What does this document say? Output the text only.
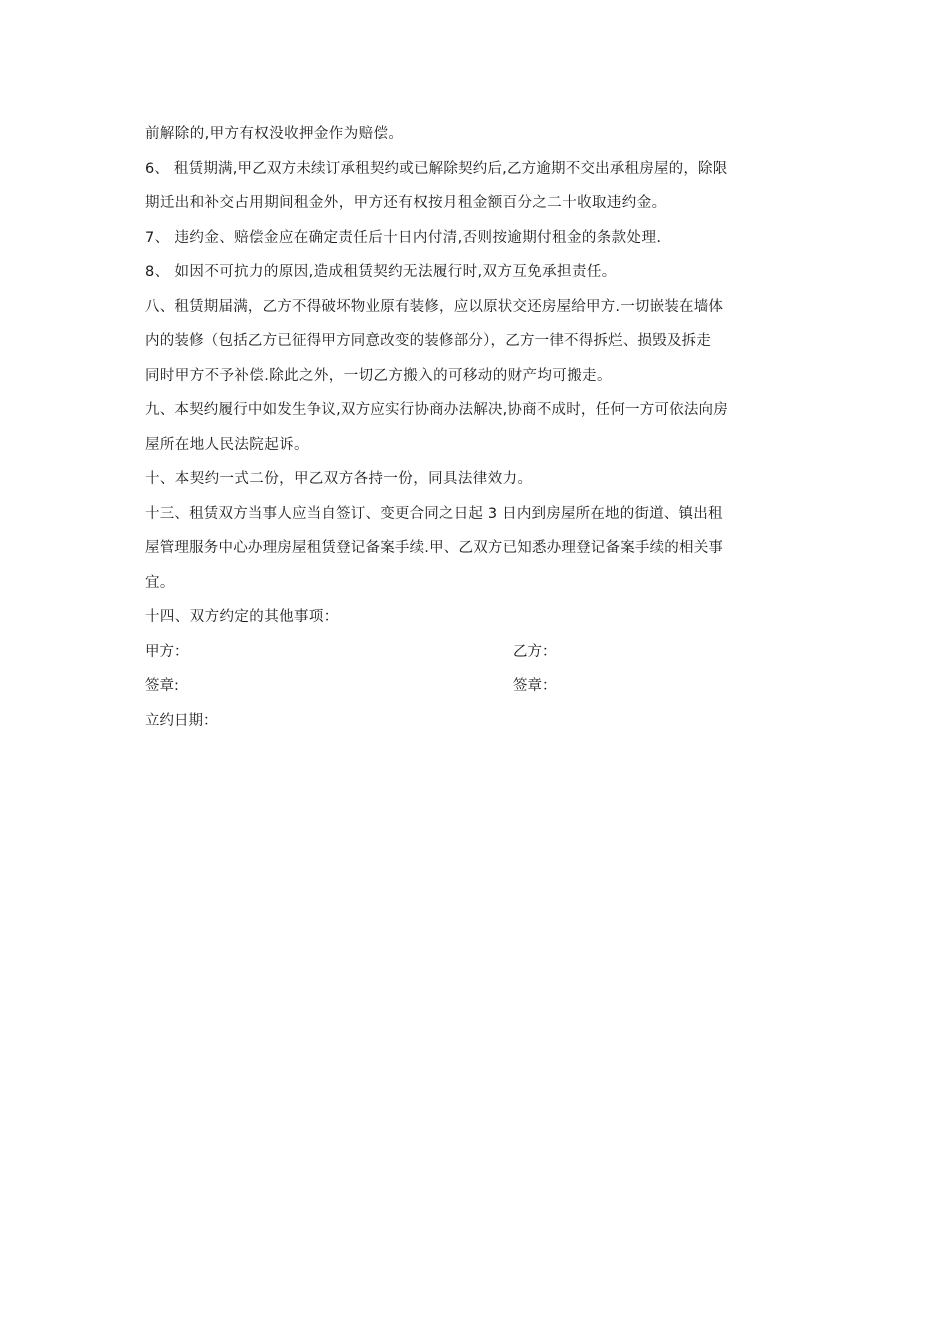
前解除的,甲方有权没收押金作为赔偿。
6、 租赁期满,甲乙双方未续订承租契约或已解除契约后,乙方逾期不交出承租房屋的，除限
期迁出和补交占用期间租金外，甲方还有权按月租金额百分之二十收取违约金。
7、 违约金、赔偿金应在确定责任后十日内付清,否则按逾期付租金的条款处理.
8、 如因不可抗力的原因,造成租赁契约无法履行时,双方互免承担责任。
八、租赁期届满，乙方不得破坏物业原有装修，应以原状交还房屋给甲方.一切嵌装在墙体
内的装修（包括乙方已征得甲方同意改变的装修部分），乙方一律不得拆烂、损毁及拆走
同时甲方不予补偿.除此之外，一切乙方搬入的可移动的财产均可搬走。
九、本契约履行中如发生争议,双方应实行协商办法解决,协商不成时，任何一方可依法向房
屋所在地人民法院起诉。
十、本契约一式二份，甲乙双方各持一份，同具法律效力。
十三、租赁双方当事人应当自签订、变更合同之日起 3 日内到房屋所在地的街道、镇出租
屋管理服务中心办理房屋租赁登记备案手续.甲、乙双方已知悉办理登记备案手续的相关事
宜。
十四、双方约定的其他事项：
甲方：	乙方：
签章:	签章：
立约日期：
